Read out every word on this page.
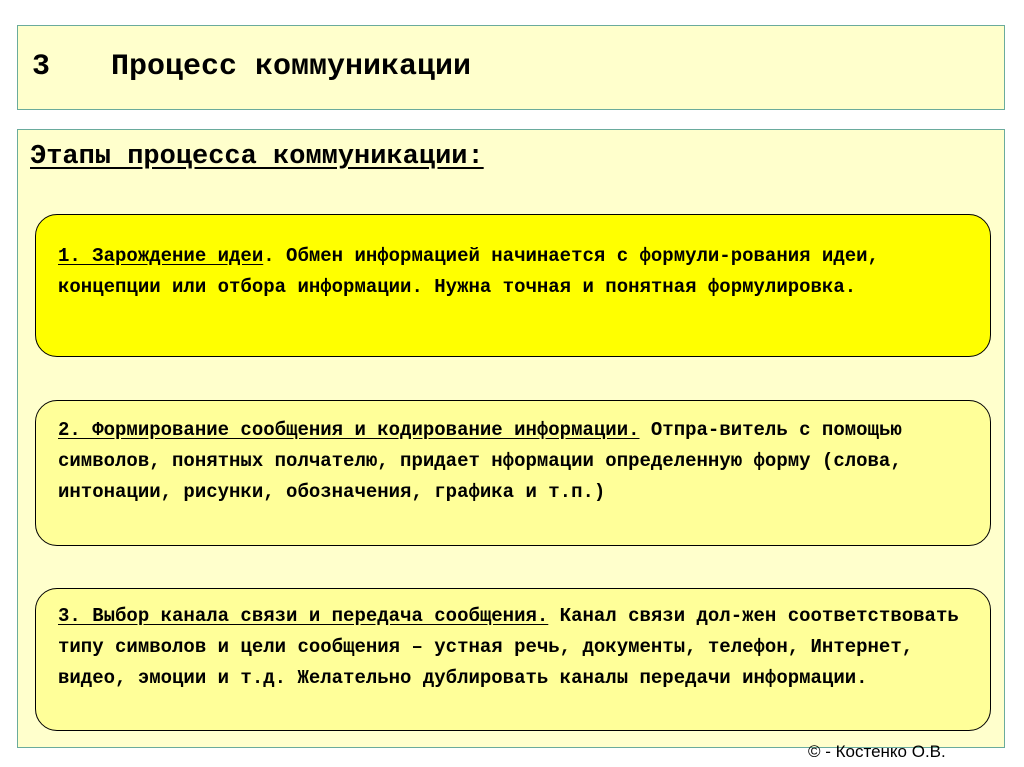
3 Процесс коммуникации
Этапы процесса коммуникации:
1. Зарождение идеи. Обмен информацией начинается с формули-рования идеи, концепции или отбора информации. Нужна точная и понятная формулировка.
2. Формирование сообщения и кодирование информации. Отпра-витель с помощью символов, понятных полчателю, придает нформации определенную форму (слова, интонации, рисунки, обозначения, графика и т.п.)
3. Выбор канала связи и передача сообщения. Канал связи дол-жен соответствовать типу символов и цели сообщения – устная речь, документы, телефон, Интернет, видео, эмоции и т.д. Желательно дублировать каналы передачи информации.
© - Костенко О.В.
